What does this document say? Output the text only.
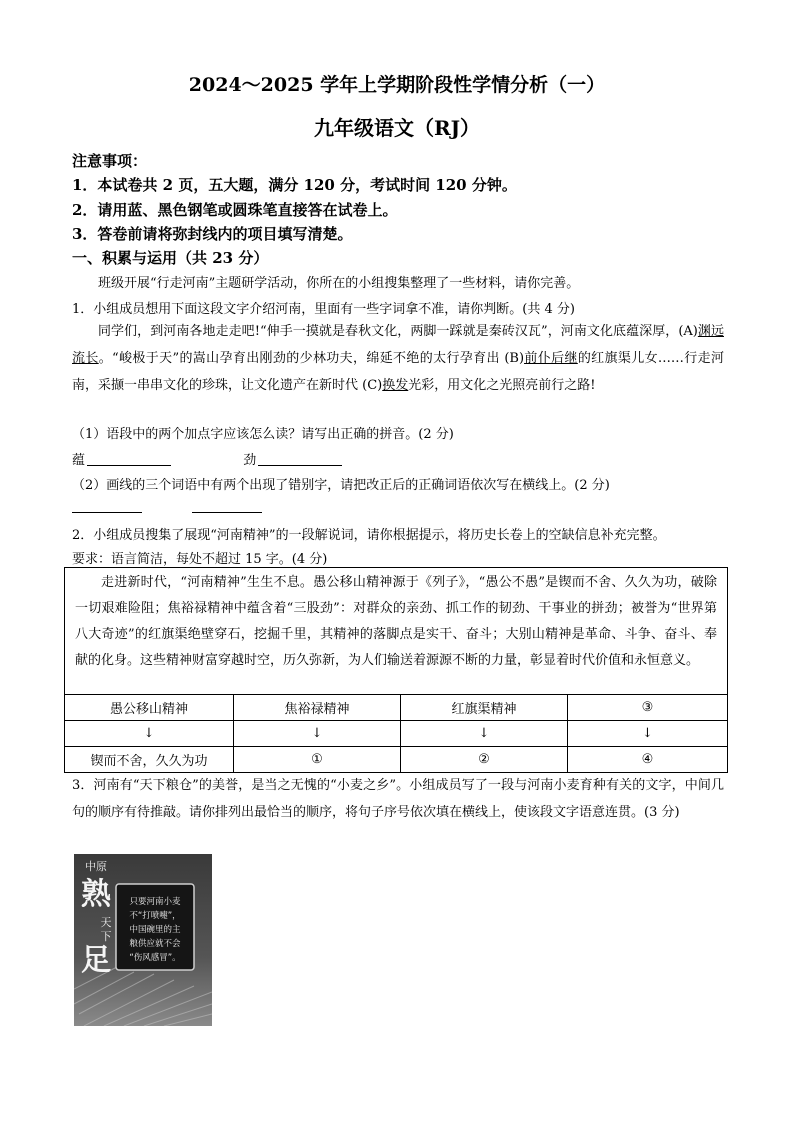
2024～2025 学年上学期阶段性学情分析（一）
九年级语文（RJ）
注意事项：
1．本试卷共 2 页，五大题，满分 120 分，考试时间 120 分钟。
2．请用蓝、黑色钢笔或圆珠笔直接答在试卷上。
3．答卷前请将弥封线内的项目填写清楚。
一、积累与运用（共 23 分）
班级开展“行走河南”主题研学活动，你所在的小组搜集整理了一些材料，请你完善。
1．小组成员想用下面这段文字介绍河南，里面有一些字词拿不准，请你判断。(共 4 分)
同学们，到河南各地走走吧!“伸手一摸就是春秋文化，两脚一踩就是秦砖汉瓦”，河南文化底蕴深厚，(A)渊远流长。“峻极于天”的嵩山孕育出刚劲的少林功夫，绵延不绝的太行孕育出 (B)前仆后继的红旗渠儿女……行走河南，采撷一串串文化的珍珠，让文化遗产在新时代 (C)换发光彩，用文化之光照亮前行之路!
（1）语段中的两个加点字应该怎么读？请写出正确的拼音。(2 分)
蕴	劲
（2）画线的三个词语中有两个出现了错别字，请把改正后的正确词语依次写在横线上。(2 分)

2．小组成员搜集了展现“河南精神”的一段解说词，请你根据提示，将历史长卷上的空缺信息补充完整。
要求：语言简洁，每处不超过 15 字。(4 分)

走进新时代，“河南精神”生生不息。愚公移山精神源于《列子》，“愚公不愚”是锲而不舍、久久为功，破除一切艰难险阻；焦裕禄精神中蕴含着“三股劲”：对群众的亲劲、抓工作的韧劲、干事业的拼劲；被誉为“世界第八大奇迹”的红旗渠绝壁穿石，挖掘千里，其精神的落脚点是实干、奋斗；大别山精神是革命、斗争、奋斗、奉献的化身。这些精神财富穿越时空，历久弥新，为人们输送着源源不断的力量，彰显着时代价值和永恒意义。

愚公移山精神	焦裕禄精神	红旗渠精神	③
↓	↓	↓	↓
锲而不舍，久久为功	①	②	④
3．河南有“天下粮仓”的美誉，是当之无愧的“小麦之乡”。小组成员写了一段与河南小麦育种有关的文字，中间几句的顺序有待推敲。请你排列出最恰当的顺序，将句子序号依次填在横线上，使该段文字语意连贯。(3 分)
中原
熟
天
下
足
只要河南小麦
不“打喷嚏”，
中国碗里的主
粮供应就不会
“伤风感冒”。
